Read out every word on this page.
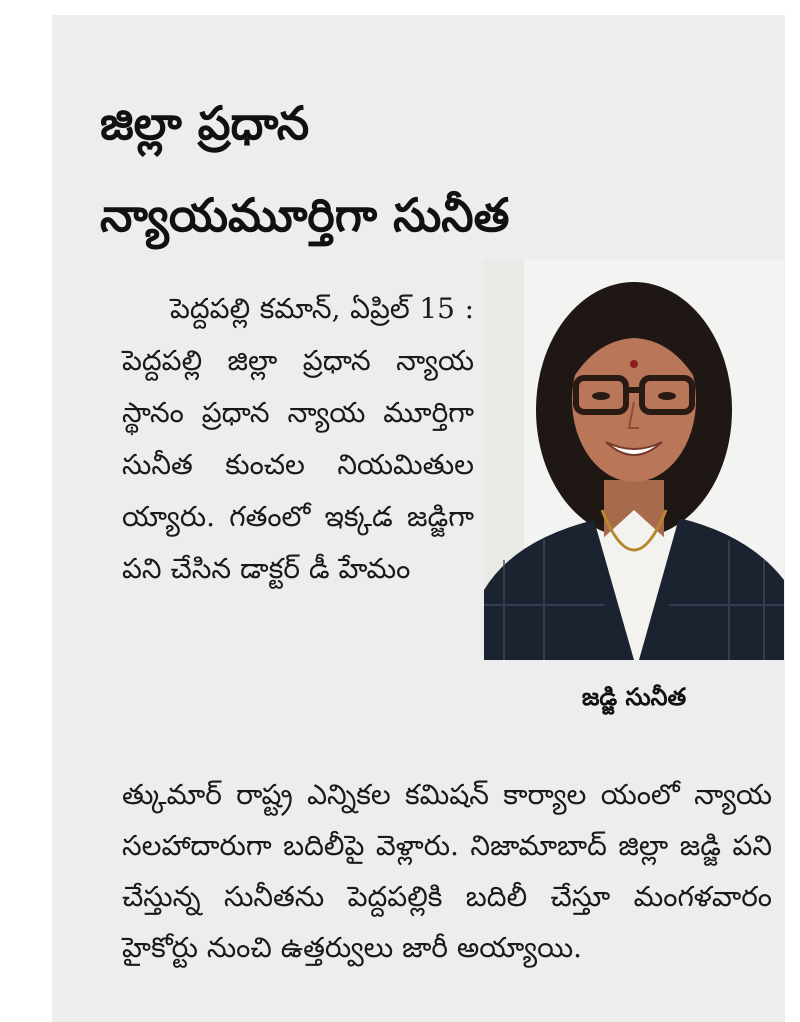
జిల్లా ప్రధాన
న్యాయమూర్తిగా సునీత
జడ్జి సునీత

పెద్దపల్లి కమాన్, ఏప్రిల్ 15 : పెద్దపల్లి జిల్లా ప్రధాన న్యాయ స్థానం ప్రధాన న్యాయ మూర్తిగా సునీత కుంచల నియమితుల య్యారు. గతంలో ఇక్కడ జడ్జిగా పని చేసిన డాక్టర్ డీ హేమం

త్కుమార్ రాష్ట్ర ఎన్నికల కమిషన్ కార్యాల యంలో న్యాయ సలహాదారుగా బదిలీపై వెళ్లారు. నిజామాబాద్ జిల్లా జడ్జి పని చేస్తున్న సునీతను పెద్దపల్లికి బదిలీ చేస్తూ మంగళవారం హైకోర్టు నుంచి ఉత్తర్వులు జారీ అయ్యాయి.
